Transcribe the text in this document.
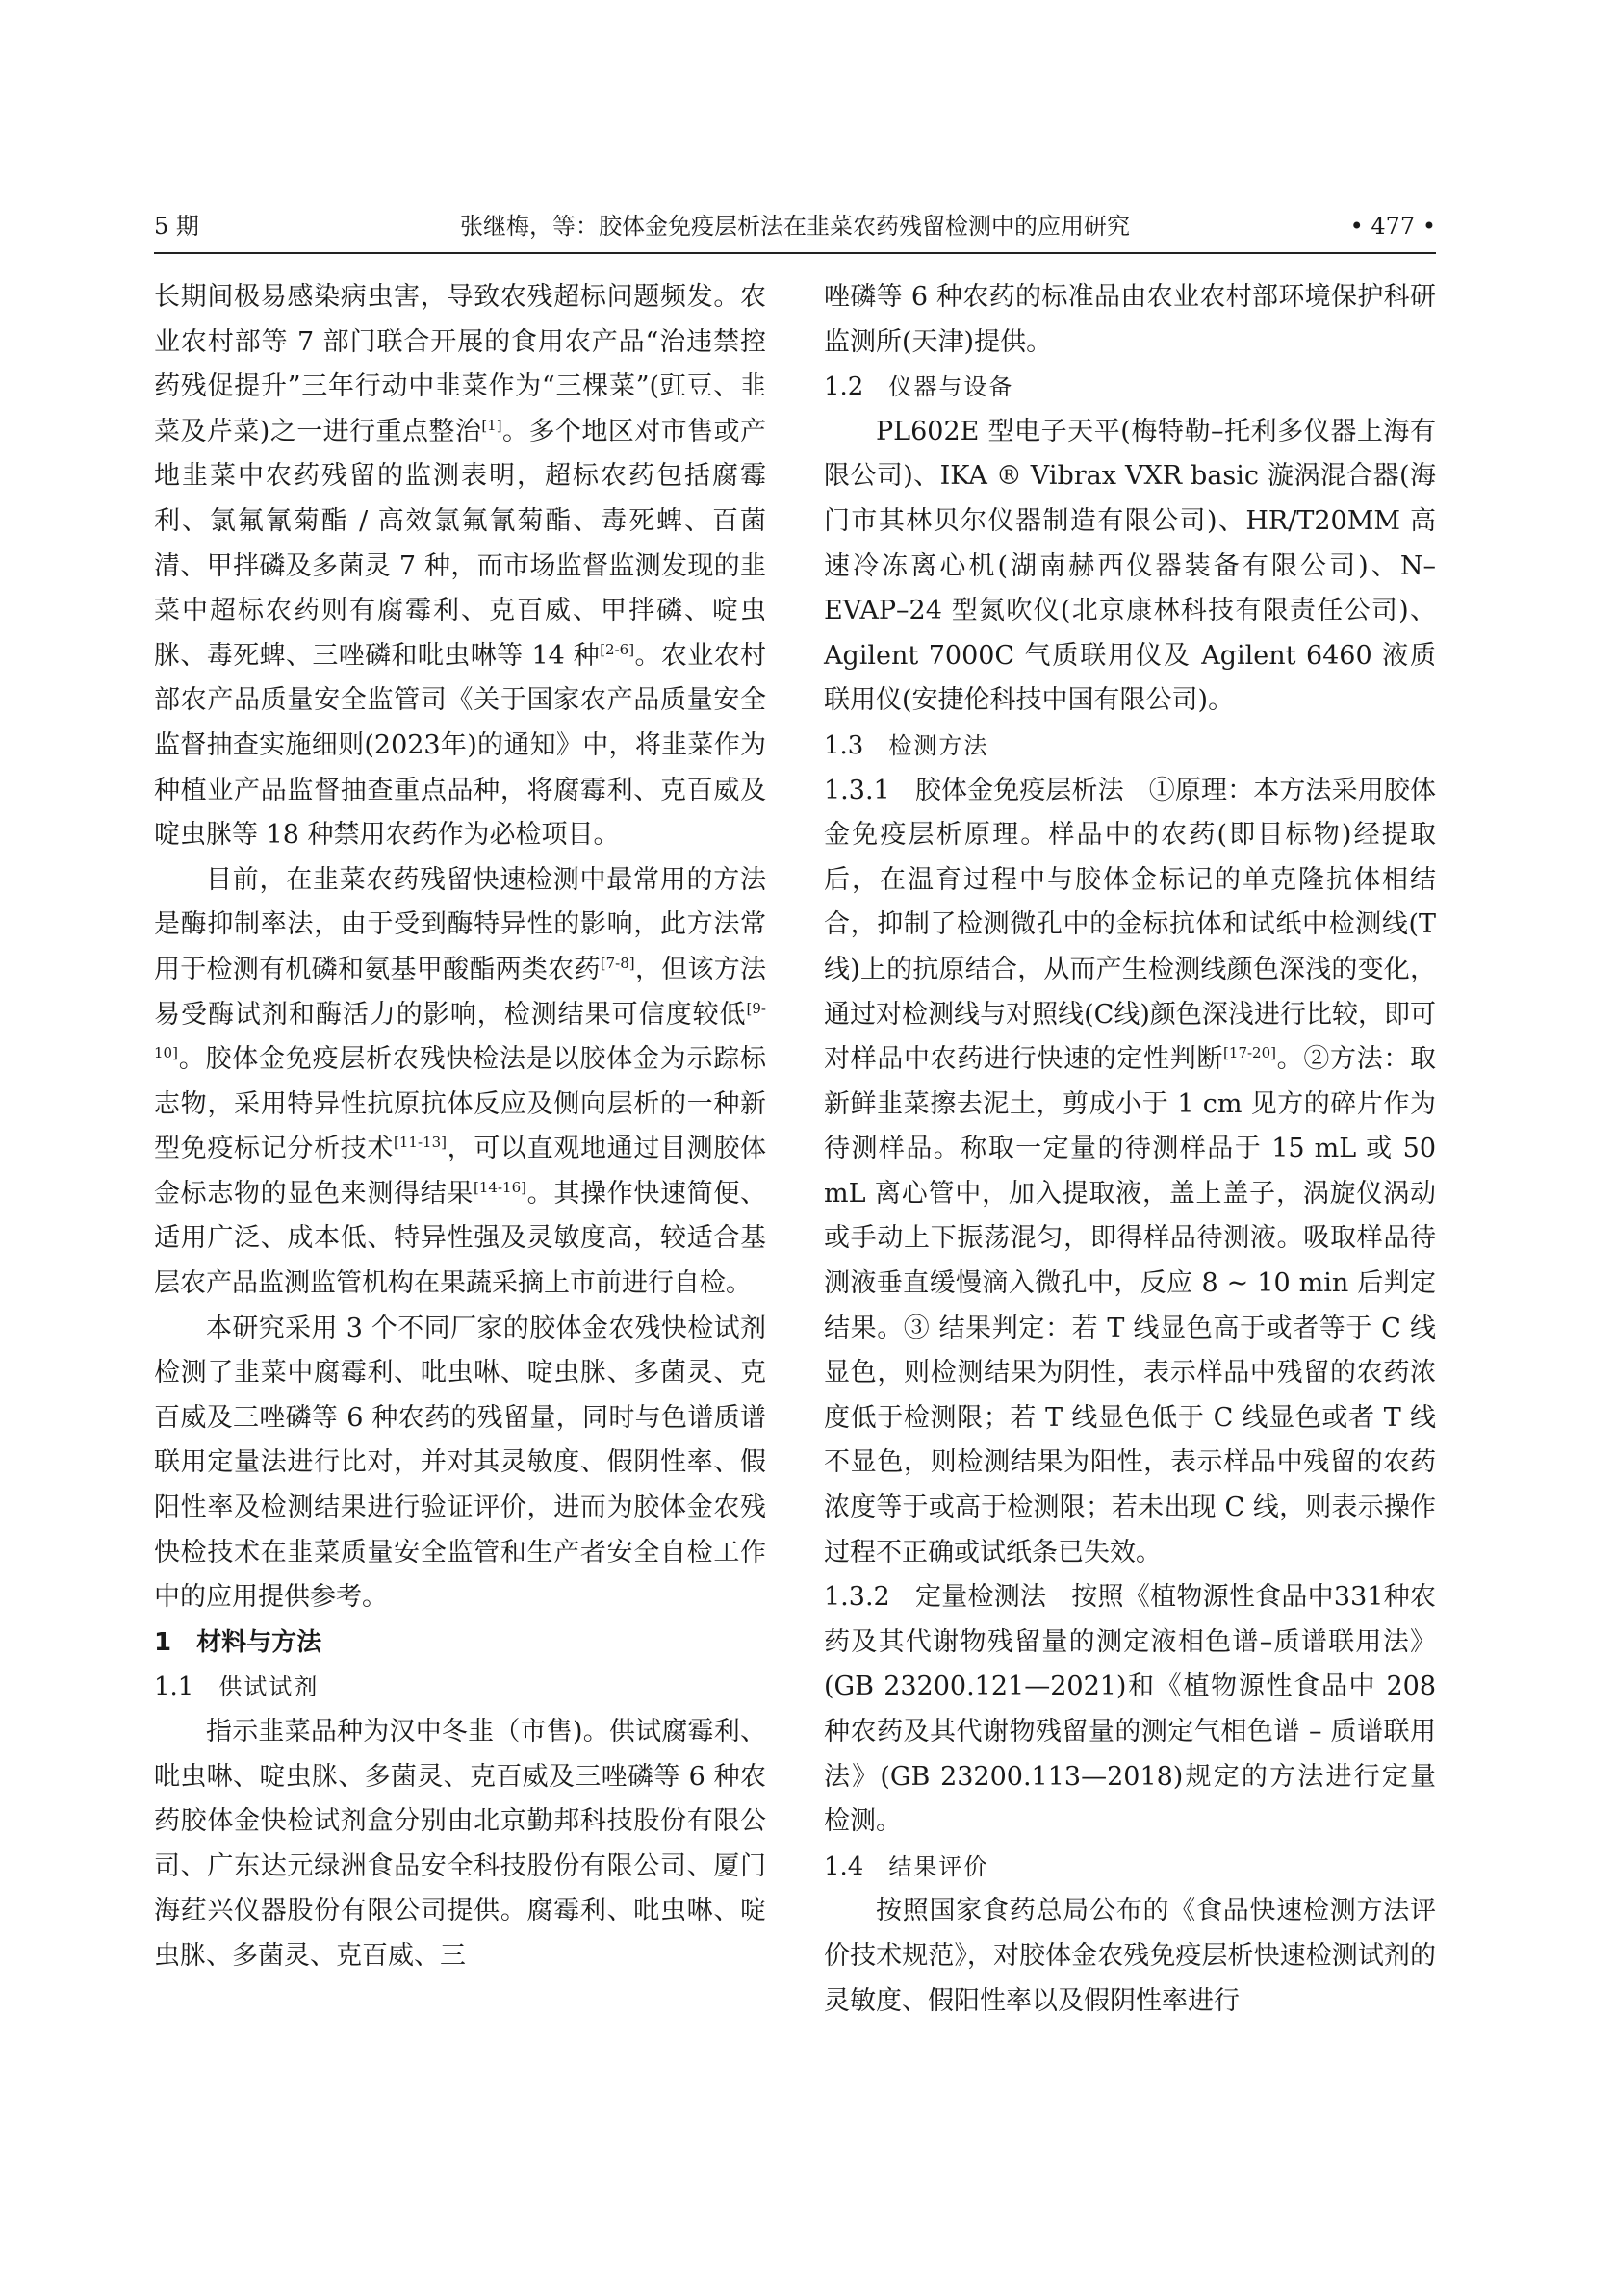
5 期	张继梅，等：胶体金免疫层析法在韭菜农药残留检测中的应用研究	• 477 •

长期间极易感染病虫害，导致农残超标问题频发。农业农村部等 7 部门联合开展的食用农产品“治违禁控药残促提升”三年行动中韭菜作为“三棵菜”(豇豆、韭菜及芹菜)之一进行重点整治[1]。多个地区对市售或产地韭菜中农药残留的监测表明，超标农药包括腐霉利、氯氟氰菊酯 / 高效氯氟氰菊酯、毒死蜱、百菌清、甲拌磷及多菌灵 7 种，而市场监督监测发现的韭菜中超标农药则有腐霉利、克百威、甲拌磷、啶虫脒、毒死蜱、三唑磷和吡虫啉等 14 种[2-6]。农业农村部农产品质量安全监管司《关于国家农产品质量安全监督抽查实施细则(2023年)的通知》中，将韭菜作为种植业产品监督抽查重点品种，将腐霉利、克百威及啶虫脒等 18 种禁用农药作为必检项目。

目前，在韭菜农药残留快速检测中最常用的方法是酶抑制率法，由于受到酶特异性的影响，此方法常用于检测有机磷和氨基甲酸酯两类农药[7-8]，但该方法易受酶试剂和酶活力的影响，检测结果可信度较低[9-10]。胶体金免疫层析农残快检法是以胶体金为示踪标志物，采用特异性抗原抗体反应及侧向层析的一种新型免疫标记分析技术[11-13]，可以直观地通过目测胶体金标志物的显色来测得结果[14-16]。其操作快速简便、适用广泛、成本低、特异性强及灵敏度高，较适合基层农产品监测监管机构在果蔬采摘上市前进行自检。

本研究采用 3 个不同厂家的胶体金农残快检试剂检测了韭菜中腐霉利、吡虫啉、啶虫脒、多菌灵、克百威及三唑磷等 6 种农药的残留量，同时与色谱质谱联用定量法进行比对，并对其灵敏度、假阴性率、假阳性率及检测结果进行验证评价，进而为胶体金农残快检技术在韭菜质量安全监管和生产者安全自检工作中的应用提供参考。

1　材料与方法

1.1 供试试剂

指示韭菜品种为汉中冬韭（市售)。供试腐霉利、吡虫啉、啶虫脒、多菌灵、克百威及三唑磷等 6 种农药胶体金快检试剂盒分别由北京勤邦科技股份有限公司、广东达元绿洲食品安全科技股份有限公司、厦门海荭兴仪器股份有限公司提供。腐霉利、吡虫啉、啶虫脒、多菌灵、克百威、三

唑磷等 6 种农药的标准品由农业农村部环境保护科研监测所(天津)提供。

1.2 仪器与设备

PL602E 型电子天平(梅特勒–托利多仪器上海有限公司)、IKA ® Vibrax VXR basic 漩涡混合器(海门市其林贝尔仪器制造有限公司)、HR/T20MM 高速冷冻离心机(湖南赫西仪器装备有限公司)、N–EVAP–24 型氮吹仪(北京康林科技有限责任公司)、Agilent 7000C 气质联用仪及 Agilent 6460 液质联用仪(安捷伦科技中国有限公司)。

1.3 检测方法

1.3.1 胶体金免疫层析法 ①原理：本方法采用胶体金免疫层析原理。样品中的农药(即目标物)经提取后，在温育过程中与胶体金标记的单克隆抗体相结合，抑制了检测微孔中的金标抗体和试纸中检测线(T线)上的抗原结合，从而产生检测线颜色深浅的变化，通过对检测线与对照线(C线)颜色深浅进行比较，即可对样品中农药进行快速的定性判断[17-20]。②方法：取新鲜韭菜擦去泥土，剪成小于 1 cm 见方的碎片作为待测样品。称取一定量的待测样品于 15 mL 或 50 mL 离心管中，加入提取液，盖上盖子，涡旋仪涡动或手动上下振荡混匀，即得样品待测液。吸取样品待测液垂直缓慢滴入微孔中，反应 8 ~ 10 min 后判定结果。③ 结果判定：若 T 线显色高于或者等于 C 线显色，则检测结果为阴性，表示样品中残留的农药浓度低于检测限；若 T 线显色低于 C 线显色或者 T 线不显色，则检测结果为阳性，表示样品中残留的农药浓度等于或高于检测限；若未出现 C 线，则表示操作过程不正确或试纸条已失效。

1.3.2 定量检测法 按照《植物源性食品中331种农药及其代谢物残留量的测定液相色谱–质谱联用法》(GB 23200.121—2021)和《植物源性食品中 208 种农药及其代谢物残留量的测定气相色谱 – 质谱联用法》(GB 23200.113—2018)规定的方法进行定量检测。

1.4 结果评价

按照国家食药总局公布的《食品快速检测方法评价技术规范》，对胶体金农残免疫层析快速检测试剂的灵敏度、假阳性率以及假阴性率进行
